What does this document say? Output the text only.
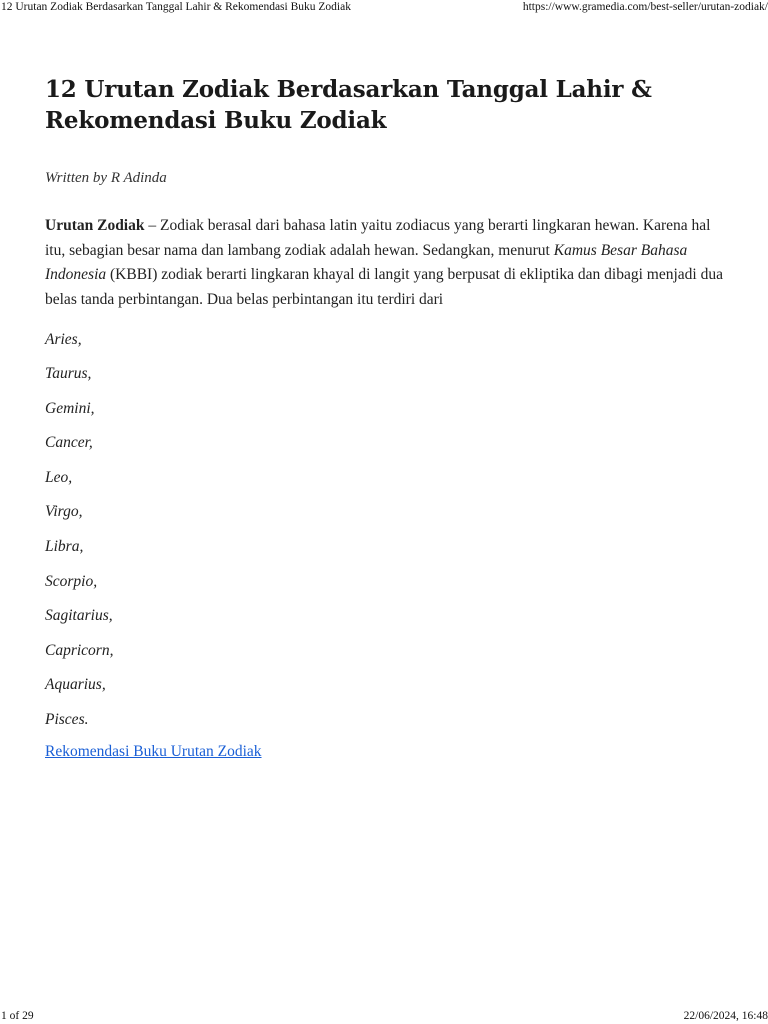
12 Urutan Zodiak Berdasarkan Tanggal Lahir & Rekomendasi Buku Zodiak	https://www.gramedia.com/best-seller/urutan-zodiak/
12 Urutan Zodiak Berdasarkan Tanggal Lahir & Rekomendasi Buku Zodiak
Written by R Adinda

Urutan Zodiak – Zodiak berasal dari bahasa latin yaitu zodiacus yang berarti lingkaran hewan. Karena hal itu, sebagian besar nama dan lambang zodiak adalah hewan. Sedangkan, menurut Kamus Besar Bahasa Indonesia (KBBI) zodiak berarti lingkaran khayal di langit yang berpusat di ekliptika dan dibagi menjadi dua belas tanda perbintangan. Dua belas perbintangan itu terdiri dari

Aries,
Taurus,
Gemini,
Cancer,
Leo,
Virgo,
Libra,
Scorpio,
Sagitarius,
Capricorn,
Aquarius,
Pisces.
Rekomendasi Buku Urutan Zodiak
1 of 29	22/06/2024, 16:48
